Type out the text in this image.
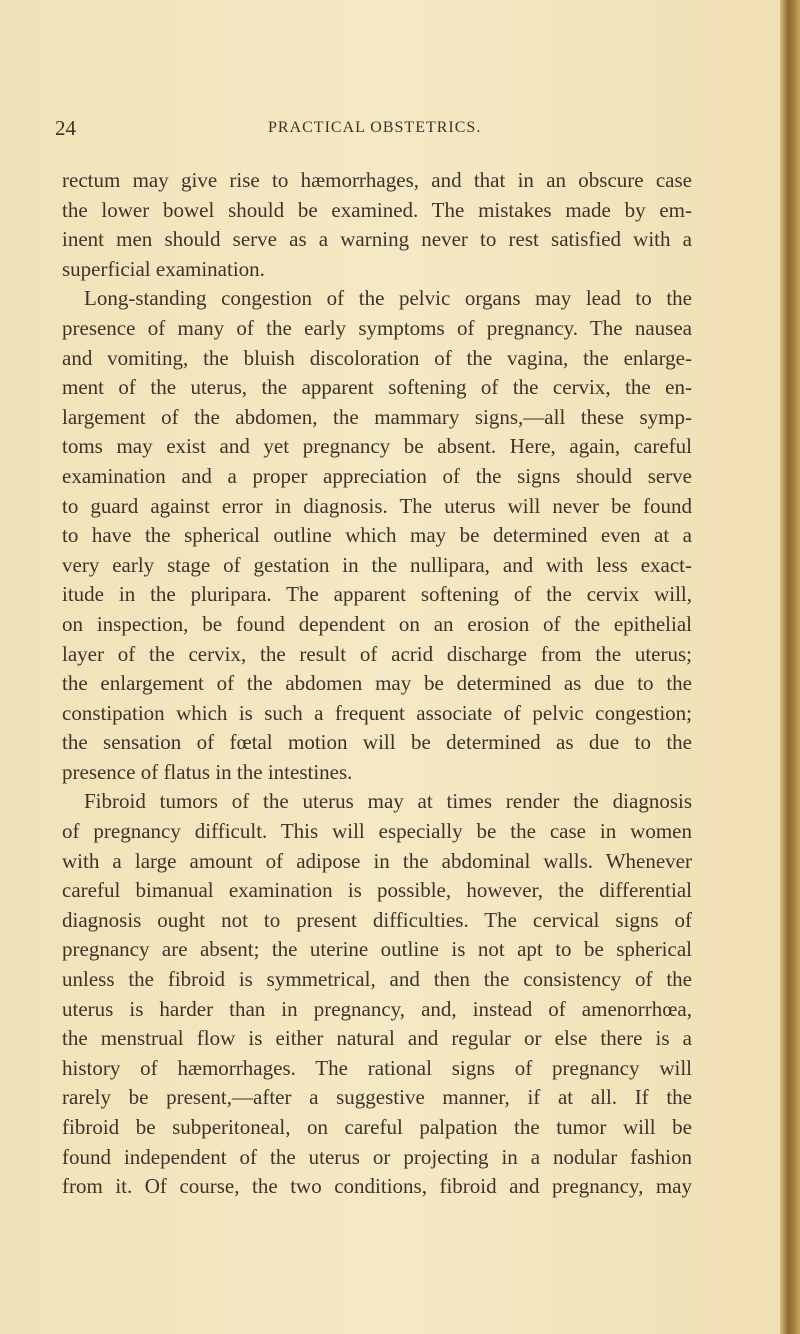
24	PRACTICAL OBSTETRICS.
rectum may give rise to hæmorrhages, and that in an obscure case
the lower bowel should be examined. The mistakes made by em-
inent men should serve as a warning never to rest satisfied with a
superficial examination.
Long-standing congestion of the pelvic organs may lead to the
presence of many of the early symptoms of pregnancy. The nausea
and vomiting, the bluish discoloration of the vagina, the enlarge-
ment of the uterus, the apparent softening of the cervix, the en-
largement of the abdomen, the mammary signs,—all these symp-
toms may exist and yet pregnancy be absent. Here, again, careful
examination and a proper appreciation of the signs should serve
to guard against error in diagnosis. The uterus will never be found
to have the spherical outline which may be determined even at a
very early stage of gestation in the nullipara, and with less exact-
itude in the pluripara. The apparent softening of the cervix will,
on inspection, be found dependent on an erosion of the epithelial
layer of the cervix, the result of acrid discharge from the uterus;
the enlargement of the abdomen may be determined as due to the
constipation which is such a frequent associate of pelvic congestion;
the sensation of fœtal motion will be determined as due to the
presence of flatus in the intestines.
Fibroid tumors of the uterus may at times render the diagnosis
of pregnancy difficult. This will especially be the case in women
with a large amount of adipose in the abdominal walls. Whenever
careful bimanual examination is possible, however, the differential
diagnosis ought not to present difficulties. The cervical signs of
pregnancy are absent; the uterine outline is not apt to be spherical
unless the fibroid is symmetrical, and then the consistency of the
uterus is harder than in pregnancy, and, instead of amenorrhœa,
the menstrual flow is either natural and regular or else there is a
history of hæmorrhages. The rational signs of pregnancy will
rarely be present,—after a suggestive manner, if at all. If the
fibroid be subperitoneal, on careful palpation the tumor will be
found independent of the uterus or projecting in a nodular fashion
from it. Of course, the two conditions, fibroid and pregnancy, may
